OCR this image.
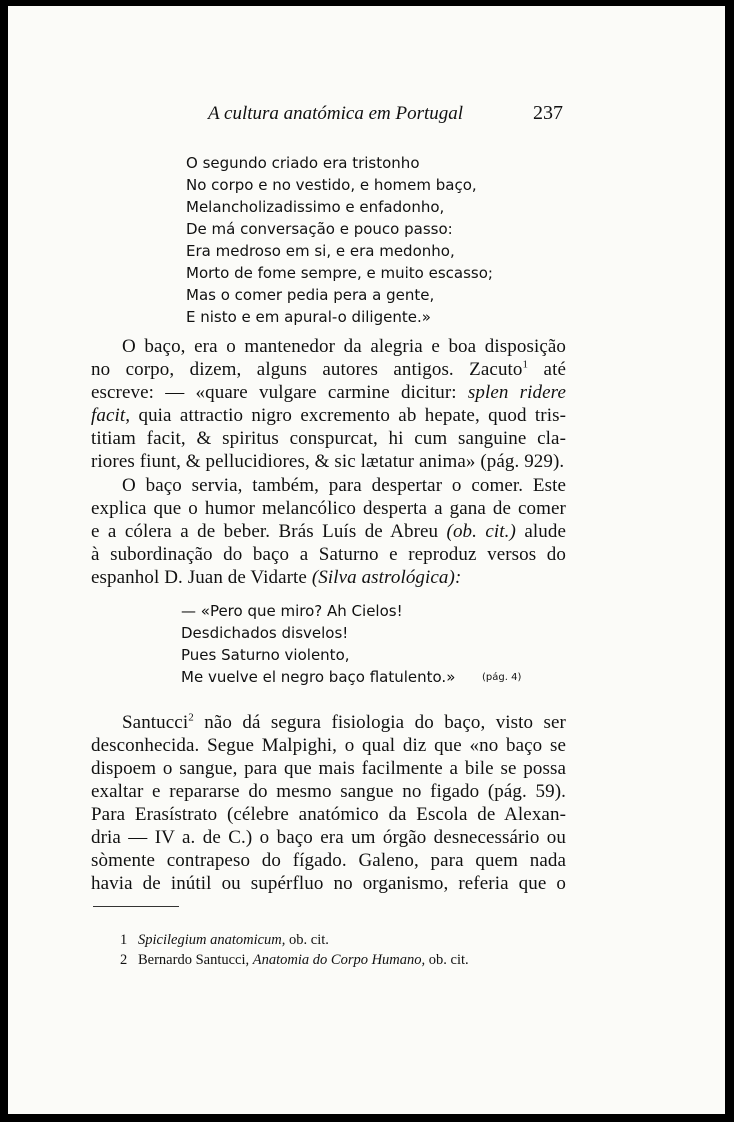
A cultura anatómica em Portugal	237
O segundo criado era tristonho
No corpo e no vestido, e homem baço,
Melancholizadissimo e enfadonho,
De má conversação e pouco passo:
Era medroso em si, e era medonho,
Morto de fome sempre, e muito escasso;
Mas o comer pedia pera a gente,
E nisto e em apural-o diligente.»
O baço, era o mantenedor da alegria e boa disposição
no corpo, dizem, alguns autores antigos. Zacuto$^1$ até
escreve: — «quare vulgare carmine dicitur: splen ridere
facit, quia attractio nigro excremento ab hepate, quod tris-
titiam facit, & spiritus conspurcat, hi cum sanguine cla-
riores fiunt, & pellucidiores, & sic lætatur anima» (pág. 929).
O baço servia, também, para despertar o comer. Este
explica que o humor melancólico desperta a gana de comer
e a cólera a de beber. Brás Luís de Abreu (ob. cit.) alude
à subordinação do baço a Saturno e reproduz versos do
espanhol D. Juan de Vidarte (Silva astrológica):
— «Pero que miro? Ah Cielos!
Desdichados disvelos!
Pues Saturno violento,
Me vuelve el negro baço flatulento.»	(pág. 4)
Santucci$^2$ não dá segura fisiologia do baço, visto ser
desconhecida. Segue Malpighi, o qual diz que «no baço se
dispoem o sangue, para que mais facilmente a bile se possa
exaltar e repararse do mesmo sangue no figado (pág. 59).
Para Erasístrato (célebre anatómico da Escola de Alexan-
dria — IV a. de C.) o baço era um órgão desnecessário ou
sòmente contrapeso do fígado. Galeno, para quem nada
havia de inútil ou supérfluo no organismo, referia que o
1 Spicilegium anatomicum, ob. cit.
2 Bernardo Santucci, Anatomia do Corpo Humano, ob. cit.
